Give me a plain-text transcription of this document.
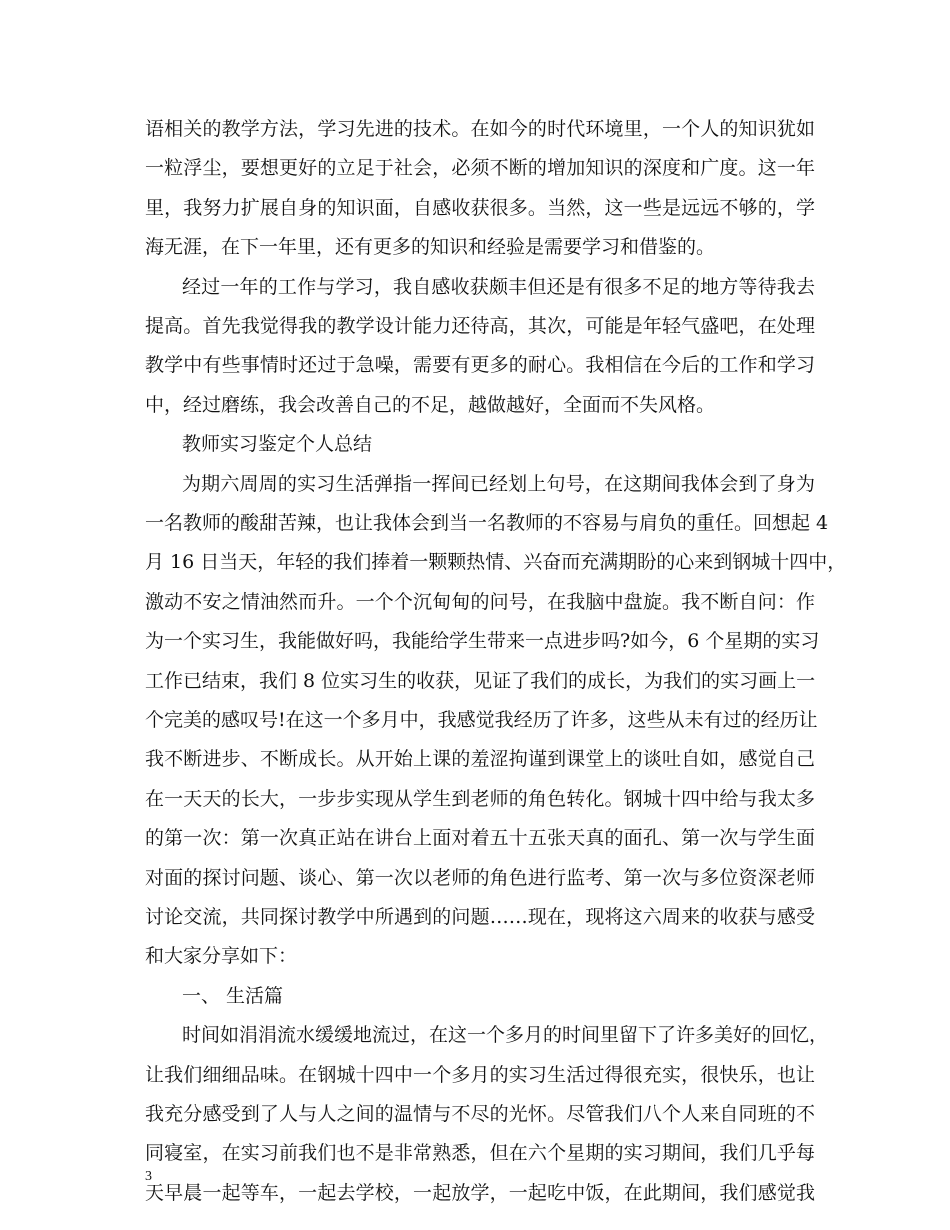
语相关的教学方法，学习先进的技术。在如今的时代环境里，一个人的知识犹如
一粒浮尘，要想更好的立足于社会，必须不断的增加知识的深度和广度。这一年
里，我努力扩展自身的知识面，自感收获很多。当然，这一些是远远不够的，学
海无涯，在下一年里，还有更多的知识和经验是需要学习和借鉴的。
经过一年的工作与学习，我自感收获颇丰但还是有很多不足的地方等待我去
提高。首先我觉得我的教学设计能力还待高，其次，可能是年轻气盛吧，在处理
教学中有些事情时还过于急噪，需要有更多的耐心。我相信在今后的工作和学习
中，经过磨练，我会改善自己的不足，越做越好，全面而不失风格。
教师实习鉴定个人总结
为期六周周的实习生活弹指一挥间已经划上句号，在这期间我体会到了身为
一名教师的酸甜苦辣，也让我体会到当一名教师的不容易与肩负的重任。回想起 4
月 16 日当天，年轻的我们捧着一颗颗热情、兴奋而充满期盼的心来到钢城十四中，
激动不安之情油然而升。一个个沉甸甸的问号，在我脑中盘旋。我不断自问：作
为一个实习生，我能做好吗，我能给学生带来一点进步吗?如今，6 个星期的实习
工作已结束，我们 8 位实习生的收获，见证了我们的成长，为我们的实习画上一
个完美的感叹号!在这一个多月中，我感觉我经历了许多，这些从未有过的经历让
我不断进步、不断成长。从开始上课的羞涩拘谨到课堂上的谈吐自如，感觉自己
在一天天的长大，一步步实现从学生到老师的角色转化。钢城十四中给与我太多
的第一次：第一次真正站在讲台上面对着五十五张天真的面孔、第一次与学生面
对面的探讨问题、谈心、第一次以老师的角色进行监考、第一次与多位资深老师
讨论交流，共同探讨教学中所遇到的问题……现在，现将这六周来的收获与感受
和大家分享如下：
一、 生活篇
时间如涓涓流水缓缓地流过，在这一个多月的时间里留下了许多美好的回忆，
让我们细细品味。在钢城十四中一个多月的实习生活过得很充实，很快乐，也让
我充分感受到了人与人之间的温情与不尽的光怀。尽管我们八个人来自同班的不
3
同寝室，在实习前我们也不是非常熟悉，但在六个星期的实习期间，我们几乎每
天早晨一起等车，一起去学校，一起放学，一起吃中饭，在此期间，我们感觉我
